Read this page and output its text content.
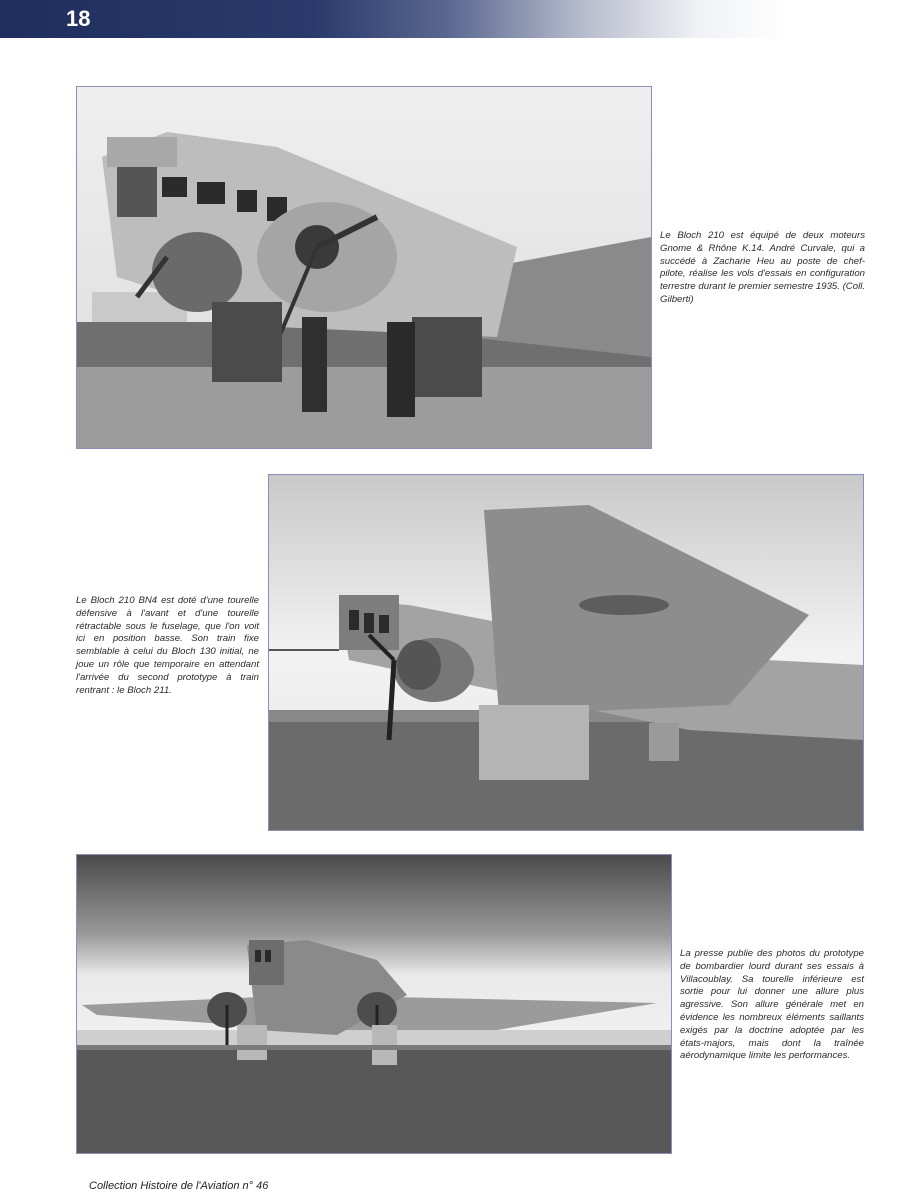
18
Le Bloch 210 est équipé de deux moteurs Gnome & Rhône K.14. André Curvale, qui a succédé à Zacharie Heu au poste de chef-pilote, réalise les vols d'essais en configuration terrestre durant le premier semestre 1935. (Coll. Gilberti)
Le Bloch 210 BN4 est doté d'une tourelle défensive à l'avant et d'une tourelle rétractable sous le fuselage, que l'on voit ici en position basse. Son train fixe semblable à celui du Bloch 130 initial, ne joue un rôle que temporaire en attendant l'arrivée du second prototype à train rentrant : le Bloch 211.
La presse publie des photos du prototype de bombardier lourd durant ses essais à Villacoublay. Sa tourelle inférieure est sortie pour lui donner une allure plus agressive. Son allure générale met en évidence les nombreux éléments saillants exigés par la doctrine adoptée par les états-majors, mais dont la traînée aérodynamique limite les performances.
Collection Histoire de l'Aviation n° 46
